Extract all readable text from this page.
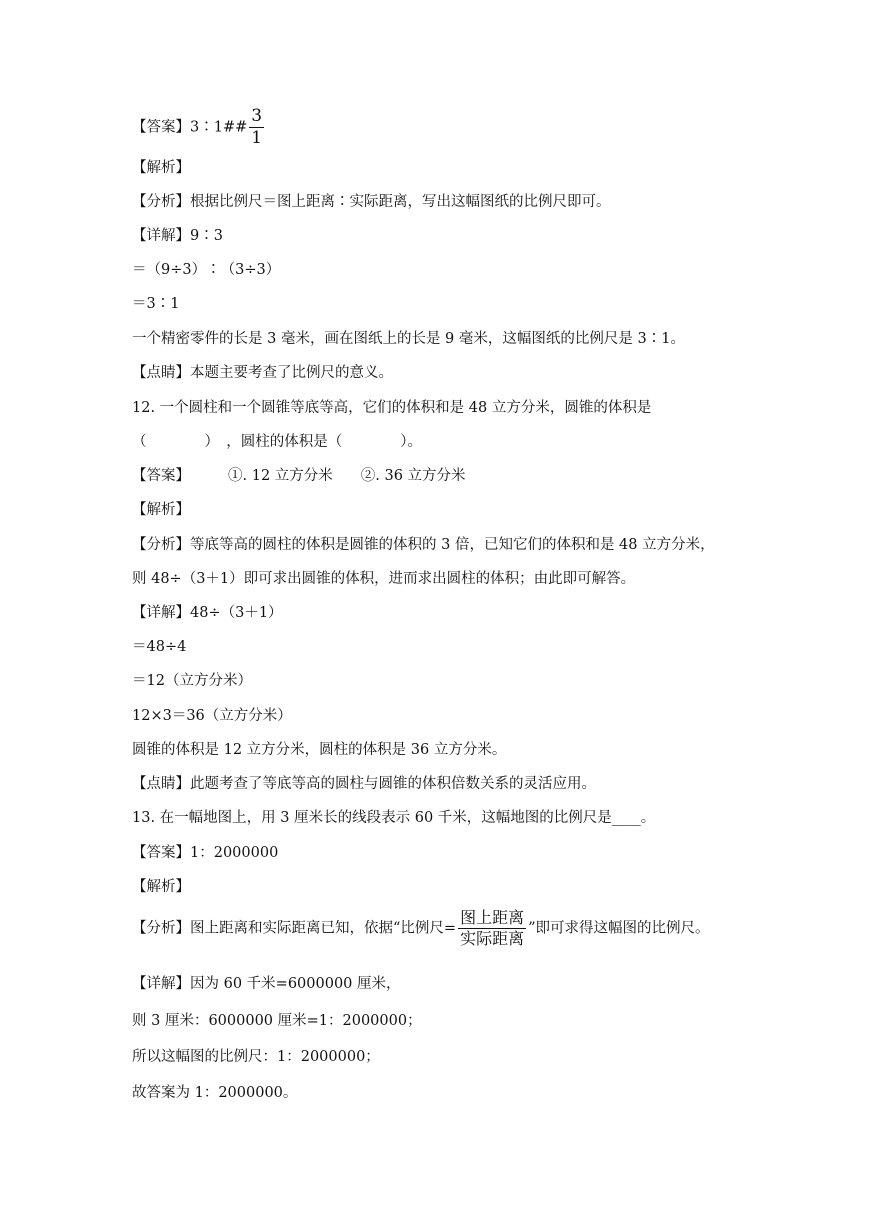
【答案】3∶1## $\frac{3}{1}$
【解析】
【分析】根据比例尺＝图上距离∶实际距离，写出这幅图纸的比例尺即可。
【详解】9∶3
＝（9÷3）∶（3÷3）
＝3∶1
一个精密零件的长是 3 毫米，画在图纸上的长是 9 毫米，这幅图纸的比例尺是 3∶1。
【点睛】本题主要考查了比例尺的意义。
12. 一个圆柱和一个圆锥等底等高，它们的体积和是 48 立方分米，圆锥的体积是
（　　　　）　，圆柱的体积是（　　　　）。
【答案】	①. 12 立方分米 ②. 36 立方分米
【解析】
【分析】等底等高的圆柱的体积是圆锥的体积的 3 倍，已知它们的体积和是 48 立方分米，
则 48÷（3＋1）即可求出圆锥的体积，进而求出圆柱的体积；由此即可解答。
【详解】48÷（3＋1）
＝48÷4
＝12（立方分米）
12×3＝36（立方分米）
圆锥的体积是 12 立方分米，圆柱的体积是 36 立方分米。
【点睛】此题考查了等底等高的圆柱与圆锥的体积倍数关系的灵活应用。
13. 在一幅地图上，用 3 厘米长的线段表示 60 千米，这幅地图的比例尺是____。
【答案】1：2000000
【解析】
【分析】图上距离和实际距离已知，依据“比例尺= $\frac{\text{图上距离}}{\text{实际距离}}$ ”即可求得这幅图的比例尺。
【详解】因为 60 千米=6000000 厘米，
则 3 厘米：6000000 厘米=1：2000000；
所以这幅图的比例尺：1：2000000；
故答案为 1：2000000。
